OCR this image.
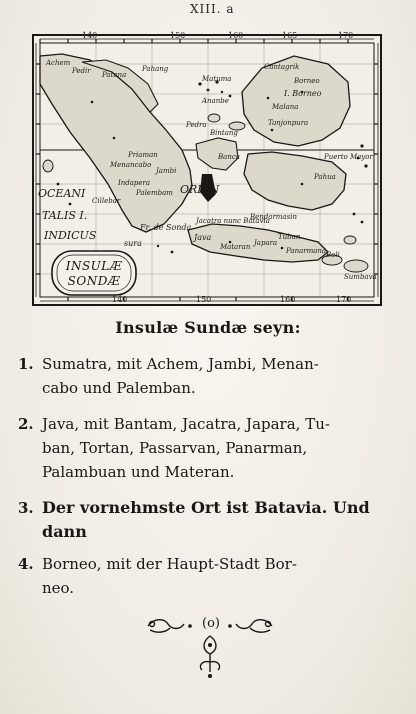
XIII. a
140	150	160	165	170
140	150	160	170
Achem
Pedir Patana
Pahang
Matuma
Cantagrik
Borneo
I. Borneo
Malana
Ananbe
Pedra
Bintang
Tanjonpura
Priaman
Menancabo
Jambi
Indapera
Palembam
Banca
Cillebar
OCEANI	ORIEN
TALIS I.
INDICUS
Fr. de Sonda
sura
Jacatra nunc Batavia
Java
Mataran
Tuban
Japara
Bendarmasin
Panarmana Bali
Sumbava
Puerto Mayor
Pahua
INSULÆ
SONDÆ
Insulæ Sundæ seyn:
1. Sumatra, mit Achem, Jambi, Menan-
cabo und Palemban.
2. Java, mit Bantam, Jacatra, Japara, Tu-
ban, Tortan, Passarvan, Panarman,
Palambuan und Materan.
3. Der vornehmste Ort ist Batavia. Und
dann
4. Borneo, mit der Haupt-Stadt Bor-
neo.
(o)
